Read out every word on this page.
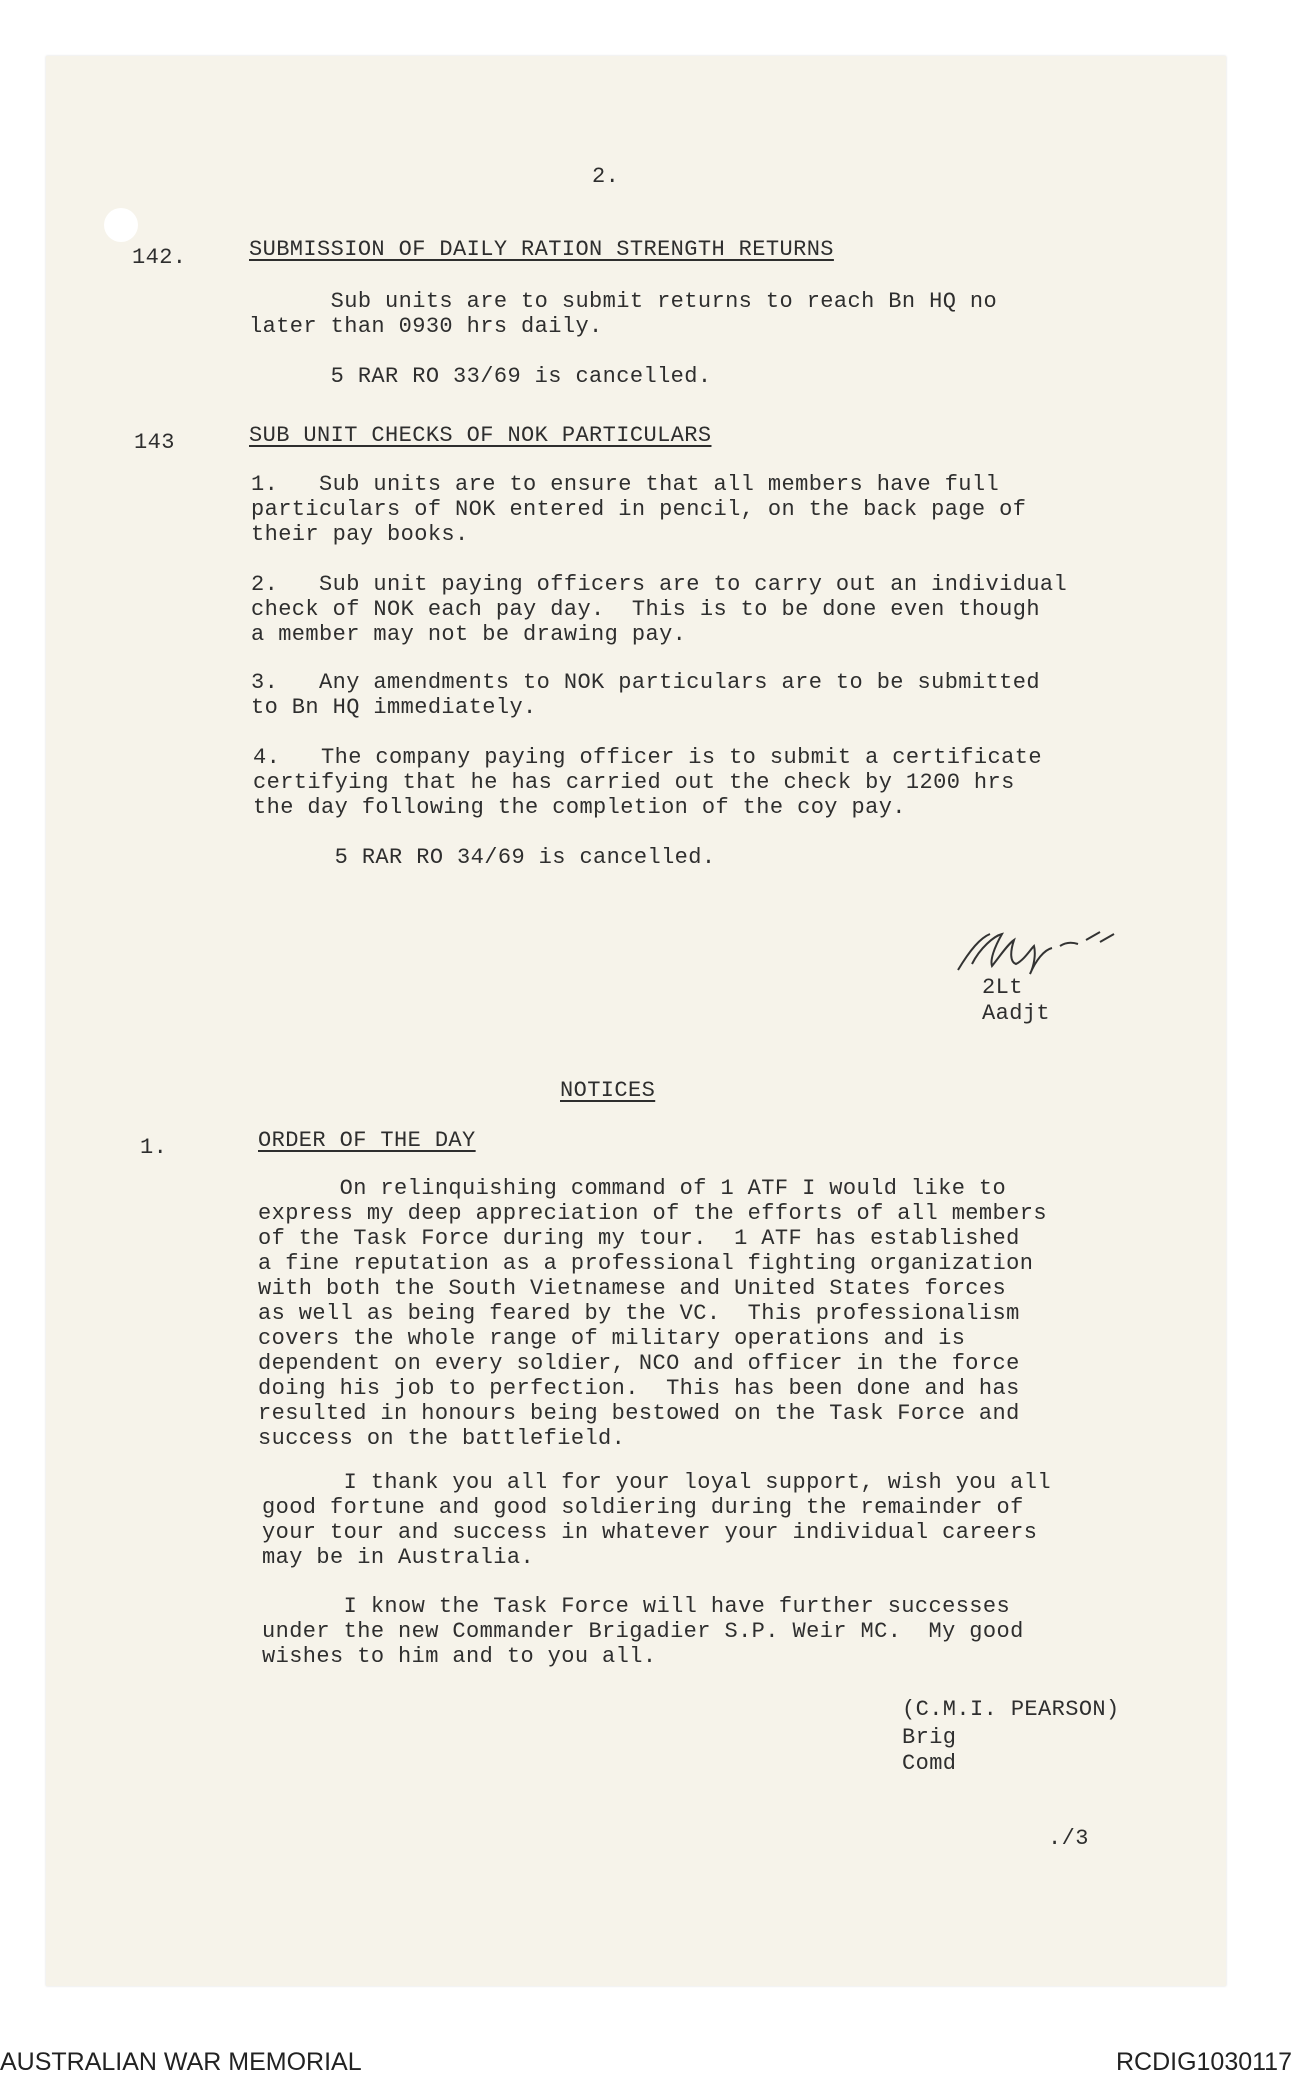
2.
142.	SUBMISSION OF DAILY RATION STRENGTH RETURNS
Sub units are to submit returns to reach Bn HQ no
later than 0930 hrs daily.
5 RAR RO 33/69 is cancelled.
143	SUB UNIT CHECKS OF NOK PARTICULARS
1.   Sub units are to ensure that all members have full
particulars of NOK entered in pencil, on the back page of
their pay books.
2.   Sub unit paying officers are to carry out an individual
check of NOK each pay day.  This is to be done even though
a member may not be drawing pay.
3.   Any amendments to NOK particulars are to be submitted
to Bn HQ immediately.
4.   The company paying officer is to submit a certificate
certifying that he has carried out the check by 1200 hrs
the day following the completion of the coy pay.
5 RAR RO 34/69 is cancelled.
2Lt
Aadjt
NOTICES
1.	ORDER OF THE DAY
On relinquishing command of 1 ATF I would like to
express my deep appreciation of the efforts of all members
of the Task Force during my tour.  1 ATF has established
a fine reputation as a professional fighting organization
with both the South Vietnamese and United States forces
as well as being feared by the VC.  This professionalism
covers the whole range of military operations and is
dependent on every soldier, NCO and officer in the force
doing his job to perfection.  This has been done and has
resulted in honours being bestowed on the Task Force and
success on the battlefield.
I thank you all for your loyal support, wish you all
good fortune and good soldiering during the remainder of
your tour and success in whatever your individual careers
may be in Australia.
I know the Task Force will have further successes
under the new Commander Brigadier S.P. Weir MC.  My good
wishes to him and to you all.
(C.M.I. PEARSON)
Brig
Comd
./3
AUSTRALIAN WAR MEMORIAL	RCDIG1030117
